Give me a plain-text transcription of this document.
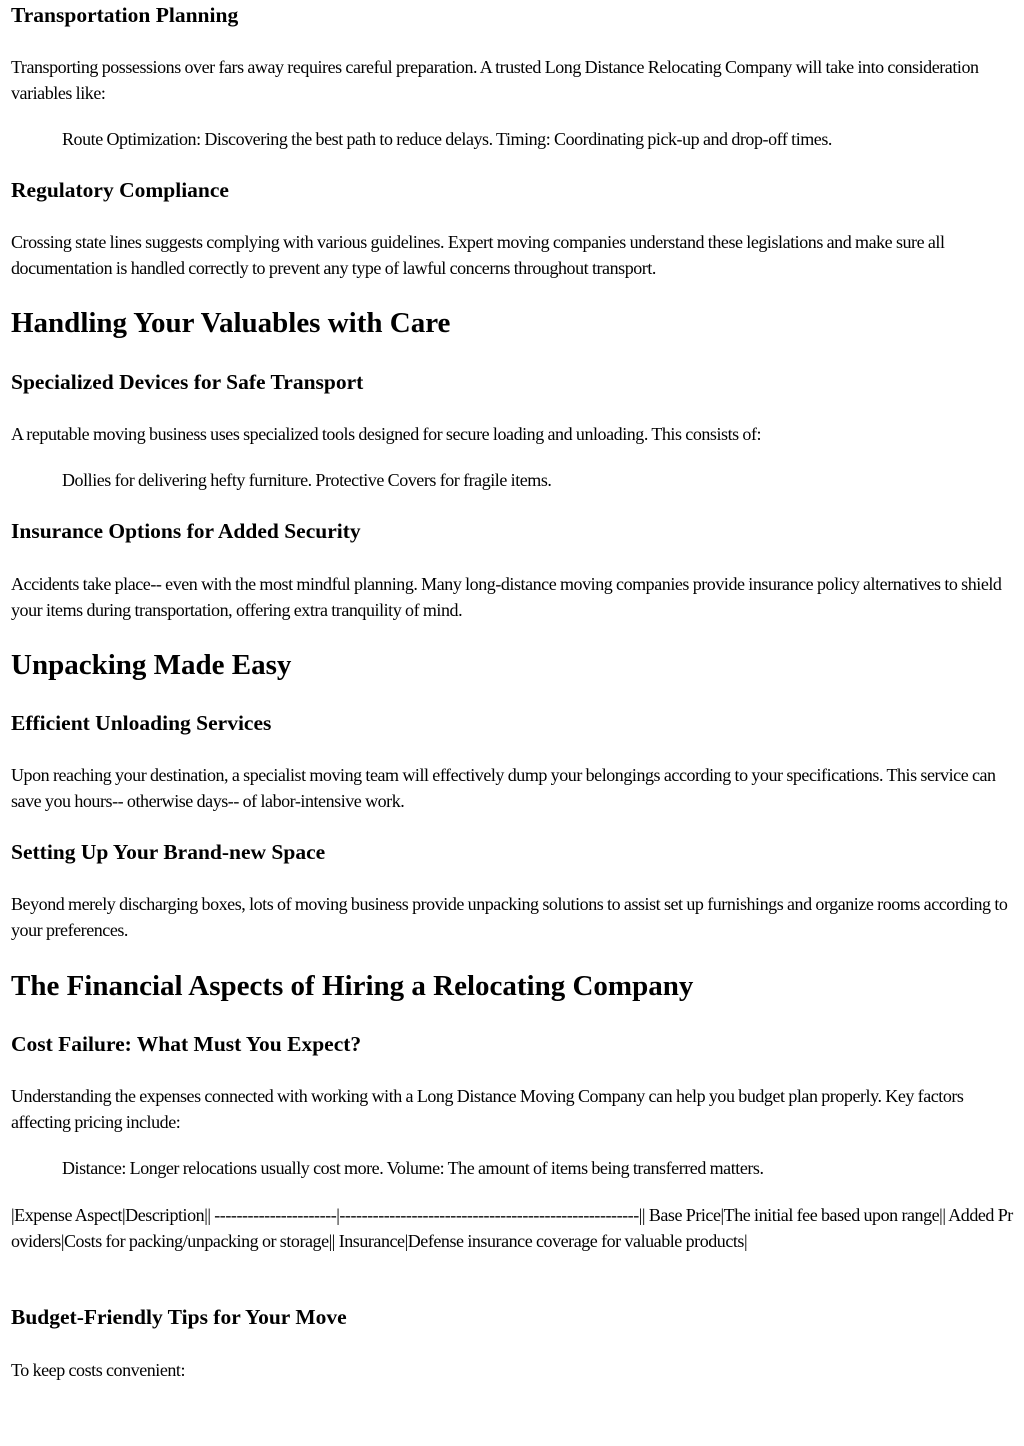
Transportation Planning

Transporting possessions over fars away requires careful preparation. A trusted Long Distance Relocating Company will take into consideration variables like:

Route Optimization: Discovering the best path to reduce delays. Timing: Coordinating pick-up and drop-off times.

Regulatory Compliance

Crossing state lines suggests complying with various guidelines. Expert moving companies understand these legislations and make sure all documentation is handled correctly to prevent any type of lawful concerns throughout transport.

Handling Your Valuables with Care
Specialized Devices for Safe Transport

A reputable moving business uses specialized tools designed for secure loading and unloading. This consists of:

Dollies for delivering hefty furniture. Protective Covers for fragile items.

Insurance Options for Added Security

Accidents take place-- even with the most mindful planning. Many long-distance moving companies provide insurance policy alternatives to shield your items during transportation, offering extra tranquility of mind.

Unpacking Made Easy
Efficient Unloading Services

Upon reaching your destination, a specialist moving team will effectively dump your belongings according to your specifications. This service can save you hours-- otherwise days-- of labor-intensive work.

Setting Up Your Brand-new Space

Beyond merely discharging boxes, lots of moving business provide unpacking solutions to assist set up furnishings and organize rooms according to your preferences.

The Financial Aspects of Hiring a Relocating Company
Cost Failure: What Must You Expect?

Understanding the expenses connected with working with a Long Distance Moving Company can help you budget plan properly. Key factors affecting pricing include:

Distance: Longer relocations usually cost more. Volume: The amount of items being transferred matters.

|Expense Aspect|Description|| ----------------------|------------------------------------------------------|| Base Price|The initial fee based upon range|| Added Providers|Costs for packing/unpacking or storage|| Insurance|Defense insurance coverage for valuable products|

Budget-Friendly Tips for Your Move

To keep costs convenient:
